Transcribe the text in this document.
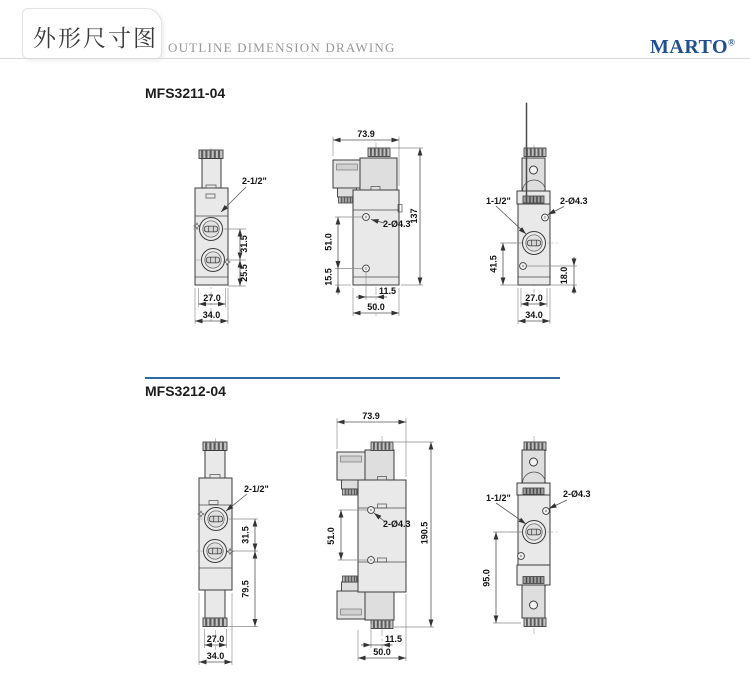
外形尺寸图 OUTLINE DIMENSION DRAWING	MARTO®
MFS3211-04
MFS3212-04
2-1/2"
31.5
25.5
27.0
34.0
2-Ø4.3
73.9
137
51.0
15.5
11.5
50.0
1-1/2"	2-Ø4.3
41.5
18.0
27.0
34.0
2-1/2"
31.5
79.5
27.0
34.0
2-Ø4.3
73.9
190.5
51.0
11.5
50.0
1-1/2"	2-Ø4.3
95.0
